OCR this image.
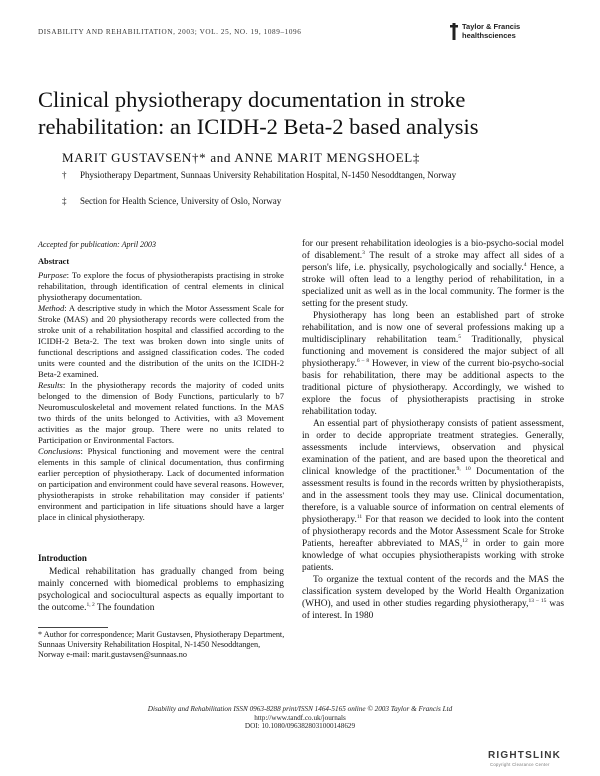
DISABILITY AND REHABILITATION, 2003; VOL. 25, NO. 19, 1089–1096
Taylor & Francis
healthsciences
Clinical physiotherapy documentation in stroke rehabilitation: an ICIDH-2 Beta-2 based analysis
MARIT GUSTAVSEN†* and ANNE MARIT MENGSHOEL‡
† Physiotherapy Department, Sunnaas University Rehabilitation Hospital, N-1450 Nesoddtangen, Norway
‡ Section for Health Science, University of Oslo, Norway
Accepted for publication: April 2003
Abstract

Purpose: To explore the focus of physiotherapists practising in stroke rehabilitation, through identification of central elements in clinical physiotherapy documentation.

Method: A descriptive study in which the Motor Assessment Scale for Stroke (MAS) and 20 physiotherapy records were collected from the stroke unit of a rehabilitation hospital and classified according to the ICIDH-2 Beta-2. The text was broken down into single units of functional descriptions and assigned classification codes. The coded units were counted and the distribution of the units on the ICIDH-2 Beta-2 examined.

Results: In the physiotherapy records the majority of coded units belonged to the dimension of Body Functions, particularly to b7 Neuromusculoskeletal and movement related functions. In the MAS two thirds of the units belonged to Activities, with a3 Movement activities as the major group. There were no units related to Participation or Environmental Factors.

Conclusions: Physical functioning and movement were the central elements in this sample of clinical documentation, thus confirming earlier perception of physiotherapy. Lack of documented information on participation and environment could have several reasons. However, physiotherapists in stroke rehabilitation may consider if patients' environment and participation in life situations should have a larger place in clinical physiotherapy.

Introduction

Medical rehabilitation has gradually changed from being mainly concerned with biomedical problems to emphasizing psychological and sociocultural aspects as equally important to the outcome.$^{1, 2}$ The foundation

* Author for correspondence; Marit Gustavsen, Physiotherapy Department, Sunnaas University Rehabilitation Hospital, N-1450 Nesoddtangen, Norway e-mail: marit.gustavsen@sunnaas.no

for our present rehabilitation ideologies is a bio-psycho-social model of disablement.$^3$ The result of a stroke may affect all sides of a person's life, i.e. physically, psychologically and socially.$^4$ Hence, a stroke will often lead to a lengthy period of rehabilitation, in a specialized unit as well as in the local community. The former is the setting for the present study.

Physiotherapy has long been an established part of stroke rehabilitation, and is now one of several professions making up a multidisciplinary rehabilitation team.$^5$ Traditionally, physical functioning and movement is considered the major subject of all physiotherapy.$^{6 - 8}$ However, in view of the current bio-psycho-social basis for rehabilitation, there may be additional aspects to the traditional picture of physiotherapy. Accordingly, we wished to explore the focus of physiotherapists practising in stroke rehabilitation today.

An essential part of physiotherapy consists of patient assessment, in order to decide appropriate treatment strategies. Generally, assessments include interviews, observation and physical examination of the patient, and are based upon the theoretical and clinical knowledge of the practitioner.$^{9, 10}$ Documentation of the assessment results is found in the records written by physiotherapists, and in the assessment tools they may use. Clinical documentation, therefore, is a valuable source of information on central elements of physiotherapy.$^{11}$ For that reason we decided to look into the content of physiotherapy records and the Motor Assessment Scale for Stroke Patients, hereafter abbreviated to MAS,$^{12}$ in order to gain more knowledge of what occupies physiotherapists working with stroke patients.

To organize the textual content of the records and the MAS the classification system developed by the World Health Organization (WHO), and used in other studies regarding physiotherapy,$^{13 - 15}$ was of interest. In 1980

Disability and Rehabilitation ISSN 0963-8288 print/ISSN 1464-5165 online © 2003 Taylor & Francis Ltd
http://www.tandf.co.uk/journals
DOI: 10.1080/0963828031000148629
RIGHTSLINK
Copyright Clearance Center
